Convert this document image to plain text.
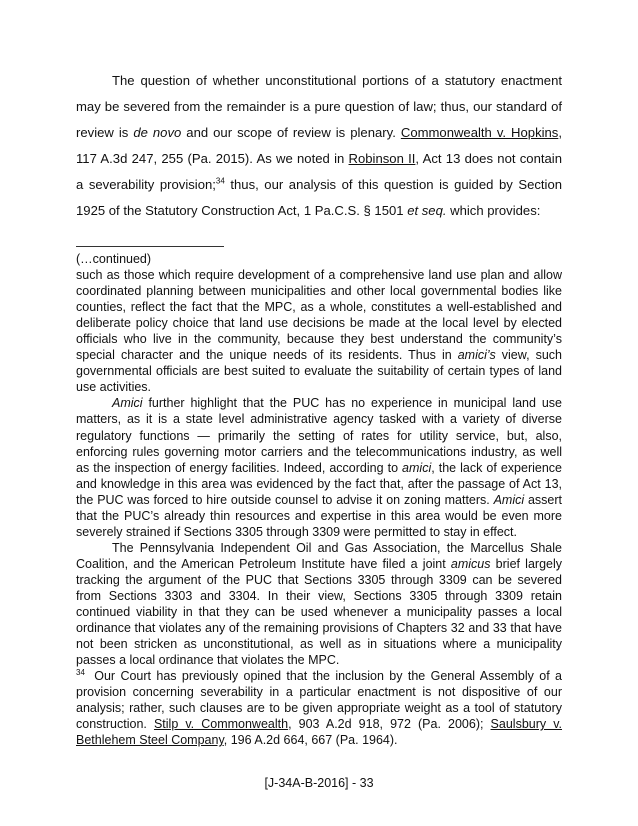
The question of whether unconstitutional portions of a statutory enactment may be severed from the remainder is a pure question of law; thus, our standard of review is de novo and our scope of review is plenary. Commonwealth v. Hopkins, 117 A.3d 247, 255 (Pa. 2015). As we noted in Robinson II, Act 13 does not contain a severability provision;$^{34}$ thus, our analysis of this question is guided by Section 1925 of the Statutory Construction Act, 1 Pa.C.S. § 1501 et seq. which provides:

(…continued)

such as those which require development of a comprehensive land use plan and allow coordinated planning between municipalities and other local governmental bodies like counties, reflect the fact that the MPC, as a whole, constitutes a well-established and deliberate policy choice that land use decisions be made at the local level by elected officials who live in the community, because they best understand the community’s special character and the unique needs of its residents. Thus in amici’s view, such governmental officials are best suited to evaluate the suitability of certain types of land use activities.

Amici further highlight that the PUC has no experience in municipal land use matters, as it is a state level administrative agency tasked with a variety of diverse regulatory functions — primarily the setting of rates for utility service, but, also, enforcing rules governing motor carriers and the telecommunications industry, as well as the inspection of energy facilities. Indeed, according to amici, the lack of experience and knowledge in this area was evidenced by the fact that, after the passage of Act 13, the PUC was forced to hire outside counsel to advise it on zoning matters. Amici assert that the PUC’s already thin resources and expertise in this area would be even more severely strained if Sections 3305 through 3309 were permitted to stay in effect.

The Pennsylvania Independent Oil and Gas Association, the Marcellus Shale Coalition, and the American Petroleum Institute have filed a joint amicus brief largely tracking the argument of the PUC that Sections 3305 through 3309 can be severed from Sections 3303 and 3304. In their view, Sections 3305 through 3309 retain continued viability in that they can be used whenever a municipality passes a local ordinance that violates any of the remaining provisions of Chapters 32 and 33 that have not been stricken as unconstitutional, as well as in situations where a municipality passes a local ordinance that violates the MPC.

$^{34}$ Our Court has previously opined that the inclusion by the General Assembly of a provision concerning severability in a particular enactment is not dispositive of our analysis; rather, such clauses are to be given appropriate weight as a tool of statutory construction. Stilp v. Commonwealth, 903 A.2d 918, 972 (Pa. 2006); Saulsbury v. Bethlehem Steel Company, 196 A.2d 664, 667 (Pa. 1964).

[J-34A-B-2016] - 33
